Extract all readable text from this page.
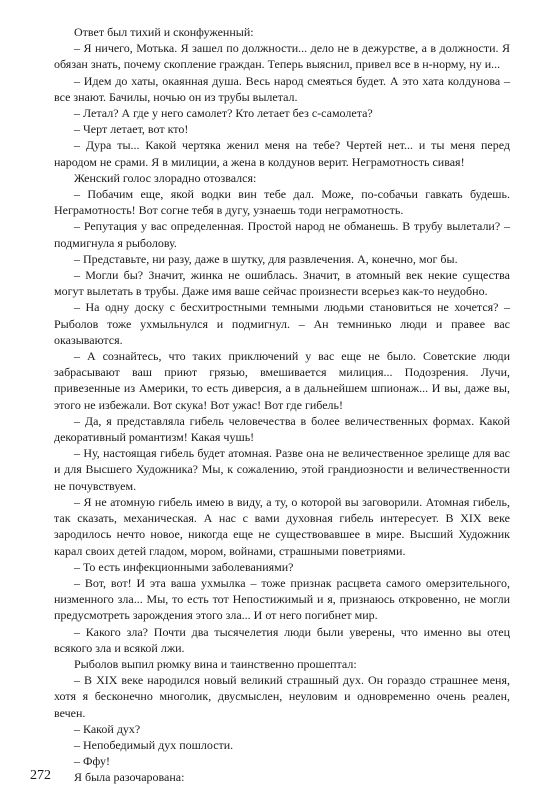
Ответ был тихий и сконфуженный:

– Я ничего, Мотька. Я зашел по должности... дело не в дежурстве, а в должности. Я обязан знать, почему скопление граждан. Теперь выяснил, привел все в н-норму, ну и...

– Идем до хаты, окаянная душа. Весь народ смеяться будет. А это хата колдунова – все знают. Бачилы, ночью он из трубы вылетал.

– Летал? А где у него самолет? Кто летает без с-самолета?

– Черт летает, вот кто!

– Дура ты... Какой чертяка женил меня на тебе? Чертей нет... и ты меня перед народом не срами. Я в милиции, а жена в колдунов верит. Неграмотность сивая!

Женский голос злорадно отозвался:

– Побачим еще, якой водки вин тебе дал. Може, по-собачьи гавкать будешь. Неграмотность! Вот согне тебя в дугу, узнаешь тоди неграмотность.

– Репутация у вас определенная. Простой народ не обманешь. В трубу вылетали? – подмигнула я рыболову.

– Представьте, ни разу, даже в шутку, для развлечения. А, конечно, мог бы.

– Могли бы? Значит, жинка не ошиблась. Значит, в атомный век некие существа могут вылетать в трубы. Даже имя ваше сейчас произнести всерьез как-то неудобно.

– На одну доску с бесхитростными темными людьми становиться не хочется? – Рыболов тоже ухмыльнулся и подмигнул. – Ан темнинько люди и правее вас оказываются.

– А сознайтесь, что таких приключений у вас еще не было. Советские люди забрасывают ваш приют грязью, вмешивается милиция... Подозрения. Лучи, привезенные из Америки, то есть диверсия, а в дальнейшем шпионаж... И вы, даже вы, этого не избежали. Вот скука! Вот ужас! Вот где гибель!

– Да, я представляла гибель человечества в более величественных формах. Какой декоративный романтизм! Какая чушь!

– Ну, настоящая гибель будет атомная. Разве она не величественное зрелище для вас и для Высшего Художника? Мы, к сожалению, этой грандиозности и величественности не почувствуем.

– Я не атомную гибель имею в виду, а ту, о которой вы заговорили. Атомная гибель, так сказать, механическая. А нас с вами духовная гибель интересует. В XIX веке зародилось нечто новое, никогда еще не существовавшее в мире. Высший Художник карал своих детей гладом, мором, войнами, страшными поветриями.

– То есть инфекционными заболеваниями?

– Вот, вот! И эта ваша ухмылка – тоже признак расцвета самого омерзительного, низменного зла... Мы, то есть тот Непостижимый и я, признаюсь откровенно, не могли предусмотреть зарождения этого зла... И от него погибнет мир.

– Какого зла? Почти два тысячелетия люди были уверены, что именно вы отец всякого зла и всякой лжи.

Рыболов выпил рюмку вина и таинственно прошептал:

– В XIX веке народился новый великий страшный дух. Он гораздо страшнее меня, хотя я бесконечно многолик, двусмыслен, неуловим и одновременно очень реален, вечен.

– Какой дух?

– Непобедимый дух пошлости.

– Ффу!

Я была разочарована:

272
